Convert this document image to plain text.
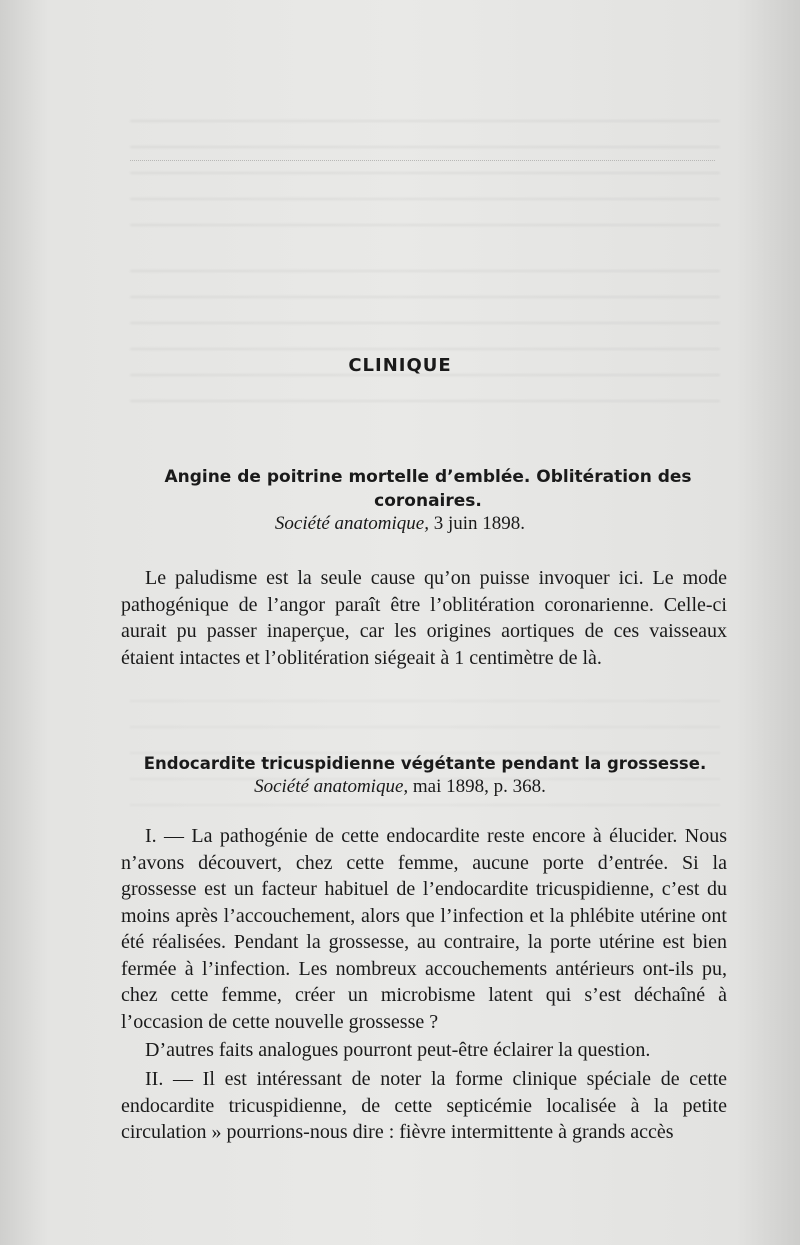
CLINIQUE
Angine de poitrine mortelle d’emblée. Oblitération des coronaires.
Société anatomique, 3 juin 1898.

Le paludisme est la seule cause qu’on puisse invoquer ici. Le mode pathogénique de l’angor paraît être l’oblitération coronarienne. Celle-ci aurait pu passer inaperçue, car les origines aortiques de ces vaisseaux étaient intactes et l’oblitération siégeait à 1 centimètre de là.

Endocardite tricuspidienne végétante pendant la grossesse.
Société anatomique, mai 1898, p. 368.

I. — La pathogénie de cette endocardite reste encore à élucider. Nous n’avons découvert, chez cette femme, aucune porte d’entrée. Si la grossesse est un facteur habituel de l’endocardite tricuspidienne, c’est du moins après l’accouchement, alors que l’infection et la phlébite utérine ont été réalisées. Pendant la grossesse, au contraire, la porte utérine est bien fermée à l’infection. Les nombreux accouchements antérieurs ont-ils pu, chez cette femme, créer un microbisme latent qui s’est déchaîné à l’occasion de cette nouvelle grossesse ?

D’autres faits analogues pourront peut-être éclairer la question.

II. — Il est intéressant de noter la forme clinique spéciale de cette endocardite tricuspidienne, de cette septicémie localisée à la petite circulation » pourrions-nous dire : fièvre intermittente à grands accès
